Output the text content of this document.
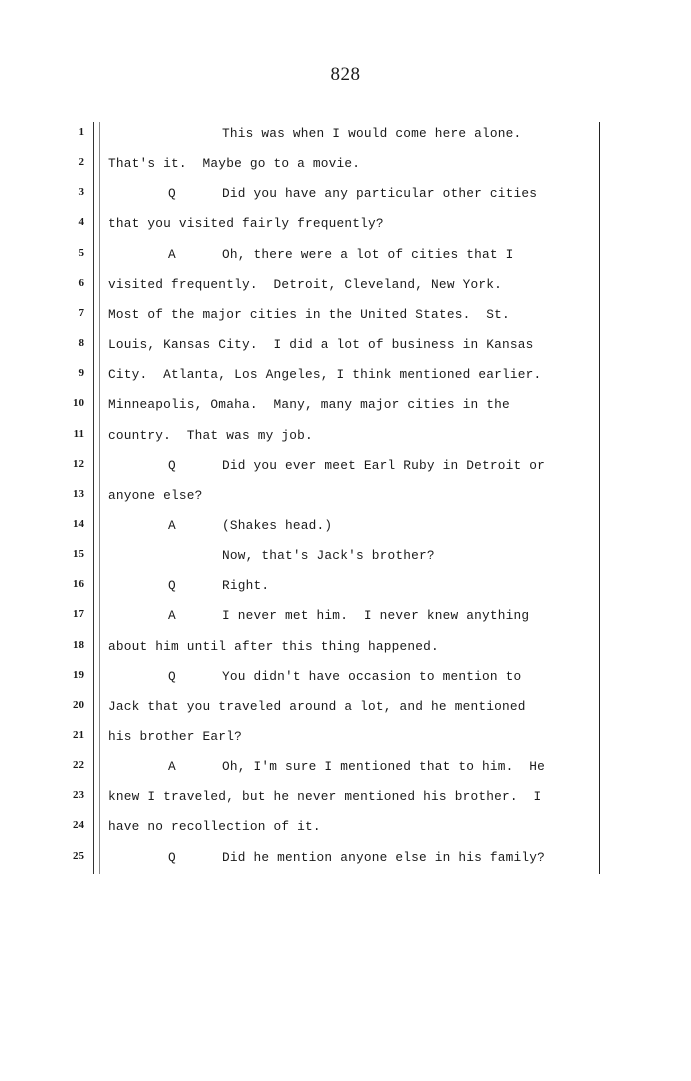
828
1	This was when I would come here alone.
2 That's it.  Maybe go to a movie.
3	Q	Did you have any particular other cities
4 that you visited fairly frequently?
5	A	Oh, there were a lot of cities that I
6 visited frequently.  Detroit, Cleveland, New York.
7 Most of the major cities in the United States.  St.
8 Louis, Kansas City.  I did a lot of business in Kansas
9 City.  Atlanta, Los Angeles, I think mentioned earlier.
10 Minneapolis, Omaha.  Many, many major cities in the
11 country.  That was my job.
12	Q	Did you ever meet Earl Ruby in Detroit or
13 anyone else?
14	A	(Shakes head.)
15	Now, that's Jack's brother?
16	Q	Right.
17	A	I never met him.  I never knew anything
18 about him until after this thing happened.
19	Q	You didn't have occasion to mention to
20 Jack that you traveled around a lot, and he mentioned
21 his brother Earl?
22	A	Oh, I'm sure I mentioned that to him.  He
23 knew I traveled, but he never mentioned his brother.  I
24 have no recollection of it.
25	Q	Did he mention anyone else in his family?
